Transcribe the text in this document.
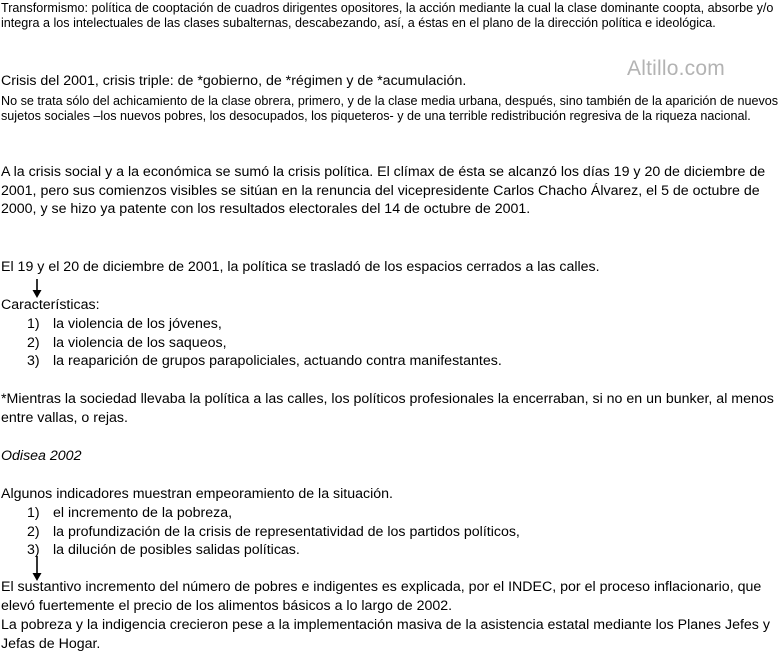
Transformismo: política de cooptación de cuadros dirigentes opositores, la acción mediante la cual la clase dominante coopta, absorbe y/o integra a los intelectuales de las clases subalternas, descabezando, así, a éstas en el plano de la dirección política e ideológica.

Altillo.com

Crisis del 2001, crisis triple: de *gobierno, de *régimen y de *acumulación.

No se trata sólo del achicamiento de la clase obrera, primero, y de la clase media urbana, después, sino también de la aparición de nuevos sujetos sociales –los nuevos pobres, los desocupados, los piqueteros- y de una terrible redistribución regresiva de la riqueza nacional.

A la crisis social y a la económica se sumó la crisis política. El clímax de ésta se alcanzó los días 19 y 20 de diciembre de 2001, pero sus comienzos visibles se sitúan en la renuncia del vicepresidente Carlos Chacho Álvarez, el 5 de octubre de 2000, y se hizo ya patente con los resultados electorales del 14 de octubre de 2001.

El 19 y el 20 de diciembre de 2001, la política se trasladó de los espacios cerrados a las calles.

Características:

1) la violencia de los jóvenes,
2) la violencia de los saqueos,
3) la reaparición de grupos parapoliciales, actuando contra manifestantes.

*Mientras la sociedad llevaba la política a las calles, los políticos profesionales la encerraban, si no en un bunker, al menos entre vallas, o rejas.

Odisea 2002

Algunos indicadores muestran empeoramiento de la situación.

1) el incremento de la pobreza,
2) la profundización de la crisis de representatividad de los partidos políticos,
3) la dilución de posibles salidas políticas.

El sustantivo incremento del número de pobres e indigentes es explicada, por el INDEC, por el proceso inflacionario, que elevó fuertemente el precio de los alimentos básicos a lo largo de 2002.

La pobreza y la indigencia crecieron pese a la implementación masiva de la asistencia estatal mediante los Planes Jefes y Jefas de Hogar.
